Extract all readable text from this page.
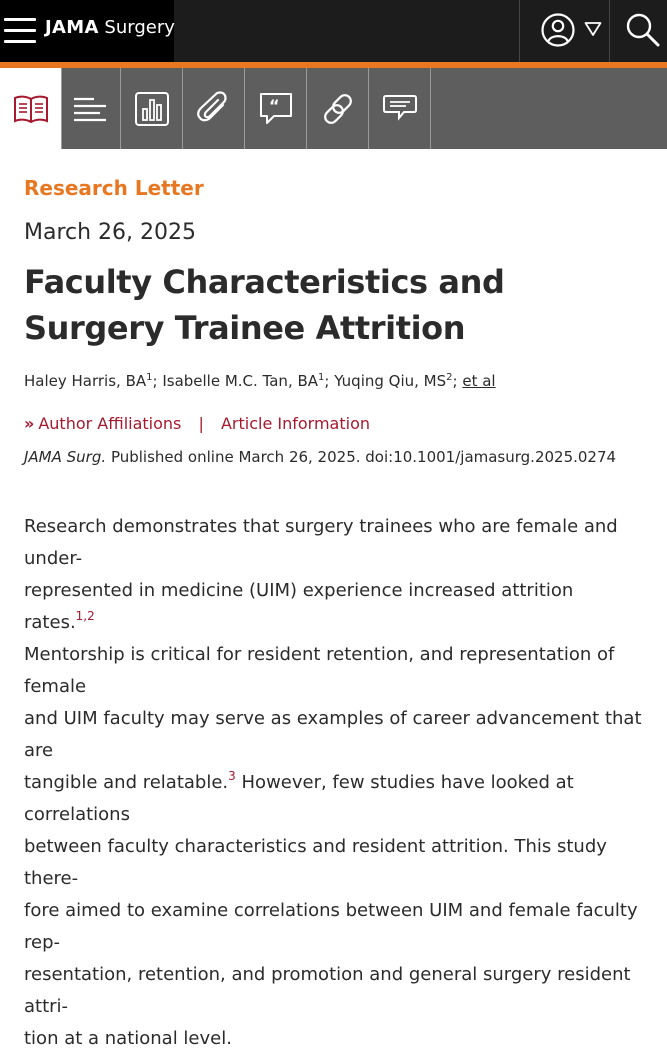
JAMA Surgery
“
Research Letter
March 26, 2025
Faculty Characteristics and Surgery Trainee Attrition
Haley Harris, $BA^1$; Isabelle M.C. Tan, $BA^1$; Yuqing Qiu, $MS^2$; et al
» Author Affiliations | Article Information
JAMA Surg. Published online March 26, 2025. doi:10.1001/jamasurg.2025.0274

Research demonstrates that surgery trainees who are female and under-
represented in medicine (UIM) experience increased attrition rates.$^{1,2}$
Mentorship is critical for resident retention, and representation of female
and UIM faculty may serve as examples of career advancement that are
tangible and relatable.$^3$ However, few studies have looked at correlations
between faculty characteristics and resident attrition. This study there-
fore aimed to examine correlations between UIM and female faculty rep-
resentation, retention, and promotion and general surgery resident attri-
tion at a national level.
